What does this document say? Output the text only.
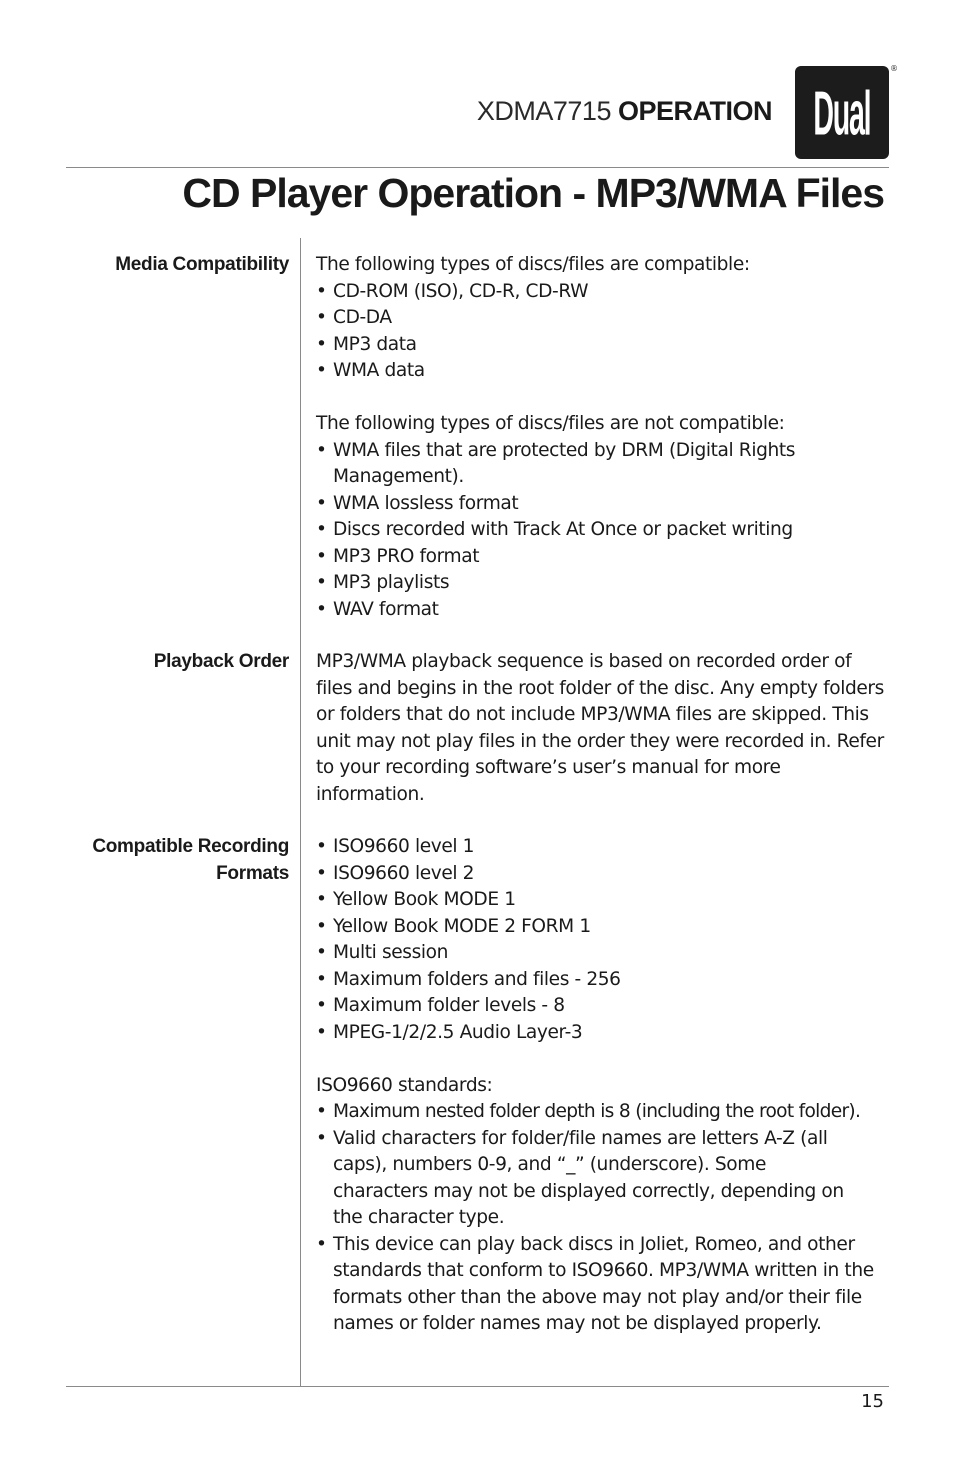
XDMA7715 OPERATION Dual
®
CD Player Operation - MP3/WMA Files
Media Compatibility The following types of discs/files are compatible:

• CD-ROM (ISO), CD-R, CD-RW
• CD-DA
• MP3 data
• WMA data

The following types of discs/files are not compatible:

• WMA files that are protected by DRM (Digital Rights Management).
• WMA lossless format
• Discs recorded with Track At Once or packet writing
• MP3 PRO format
• MP3 playlists
• WAV format
Playback Order MP3/WMA playback sequence is based on recorded order of files and begins in the root folder of the disc. Any empty folders or folders that do not include MP3/WMA files are skipped. This unit may not play files in the order they were recorded in. Refer to your recording software’s user’s manual for more information.

Compatible Recording
Formats
• ISO9660 level 1
• ISO9660 level 2
• Yellow Book MODE 1
• Yellow Book MODE 2 FORM 1
• Multi session
• Maximum folders and files - 256
• Maximum folder levels - 8
• MPEG-1/2/2.5 Audio Layer-3

ISO9660 standards:

• Maximum nested folder depth is 8 (including the root folder).
• Valid characters for folder/file names are letters A-Z (all caps), numbers 0-9, and “_” (underscore). Some characters may not be displayed correctly, depending on the character type.
• This device can play back discs in Joliet, Romeo, and other standards that conform to ISO9660. MP3/WMA written in the formats other than the above may not play and/or their file names or folder names may not be displayed properly.
15
